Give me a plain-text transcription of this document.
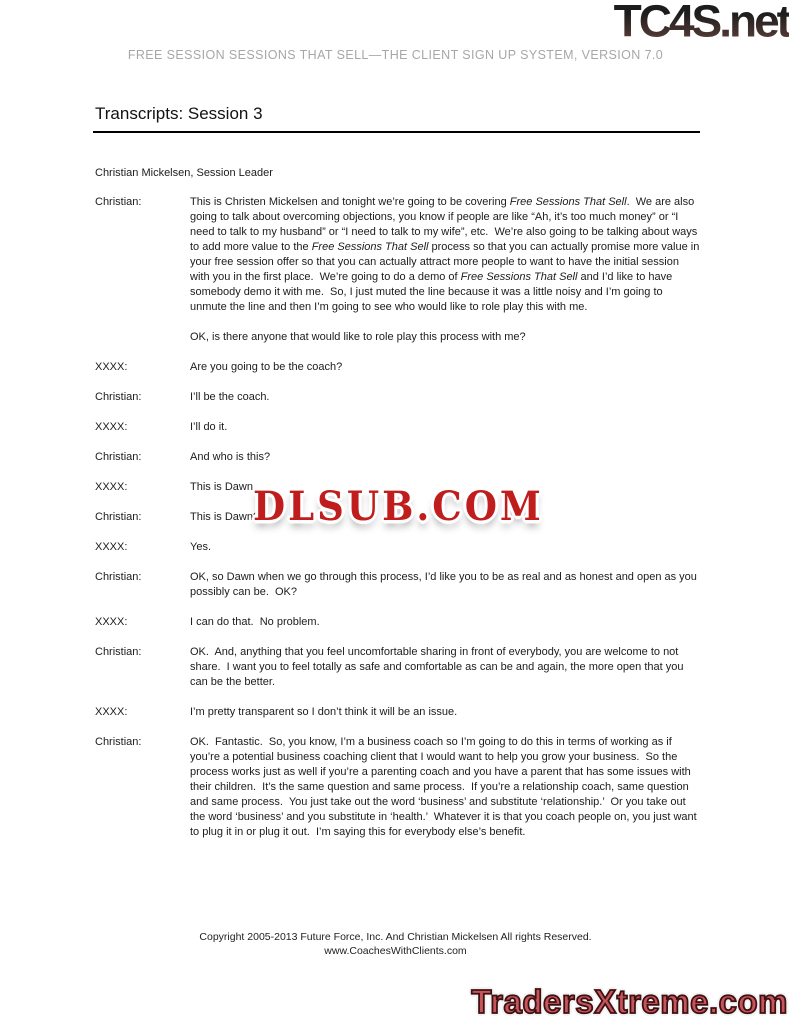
FREE SESSION SESSIONS THAT SELL—THE CLIENT SIGN UP SYSTEM, VERSION 7.0
TC4S.net
Transcripts: Session 3
Christian Mickelsen, Session Leader
Christian:	This is Christen Mickelsen and tonight we’re going to be covering Free Sessions That Sell.  We are also going to talk about overcoming objections, you know if people are like “Ah, it’s too much money” or “I need to talk to my husband” or “I need to talk to my wife”, etc.  We’re also going to be talking about ways to add more value to the Free Sessions That Sell process so that you can actually promise more value in your free session offer so that you can actually attract more people to want to have the initial session with you in the first place.  We’re going to do a demo of Free Sessions That Sell and I’d like to have somebody demo it with me.  So, I just muted the line because it was a little noisy and I’m going to unmute the line and then I’m going to see who would like to role play this with me.

OK, is there anyone that would like to role play this process with me?

XXXX:	Are you going to be the coach?

Christian:	I’ll be the coach.

XXXX:	I’ll do it.

Christian:	And who is this?

XXXX:	This is Dawn

Christian:	This is Dawn?

XXXX:	Yes.

Christian:	OK, so Dawn when we go through this process, I’d like you to be as real and as honest and open as you possibly can be.  OK?

XXXX:	I can do that.  No problem.

Christian:	OK.  And, anything that you feel uncomfortable sharing in front of everybody, you are welcome to not share.  I want you to feel totally as safe and comfortable as can be and again, the more open that you can be the better.

XXXX:	I’m pretty transparent so I don’t think it will be an issue.

Christian:	OK.  Fantastic.  So, you know, I’m a business coach so I’m going to do this in terms of working as if you’re a potential business coaching client that I would want to help you grow your business.  So the process works just as well if you’re a parenting coach and you have a parent that has some issues with their children.  It’s the same question and same process.  If you’re a relationship coach, same question and same process.  You just take out the word ‘business’ and substitute ‘relationship.’  Or you take out the word ‘business’ and you substitute in ‘health.’  Whatever it is that you coach people on, you just want to plug it in or plug it out.  I’m saying this for everybody else’s benefit.

Copyright 2005-2013 Future Force, Inc. And Christian Mickelsen All rights Reserved.
www.CoachesWithClients.com
DLSUB.COM
TradersXtreme.com
